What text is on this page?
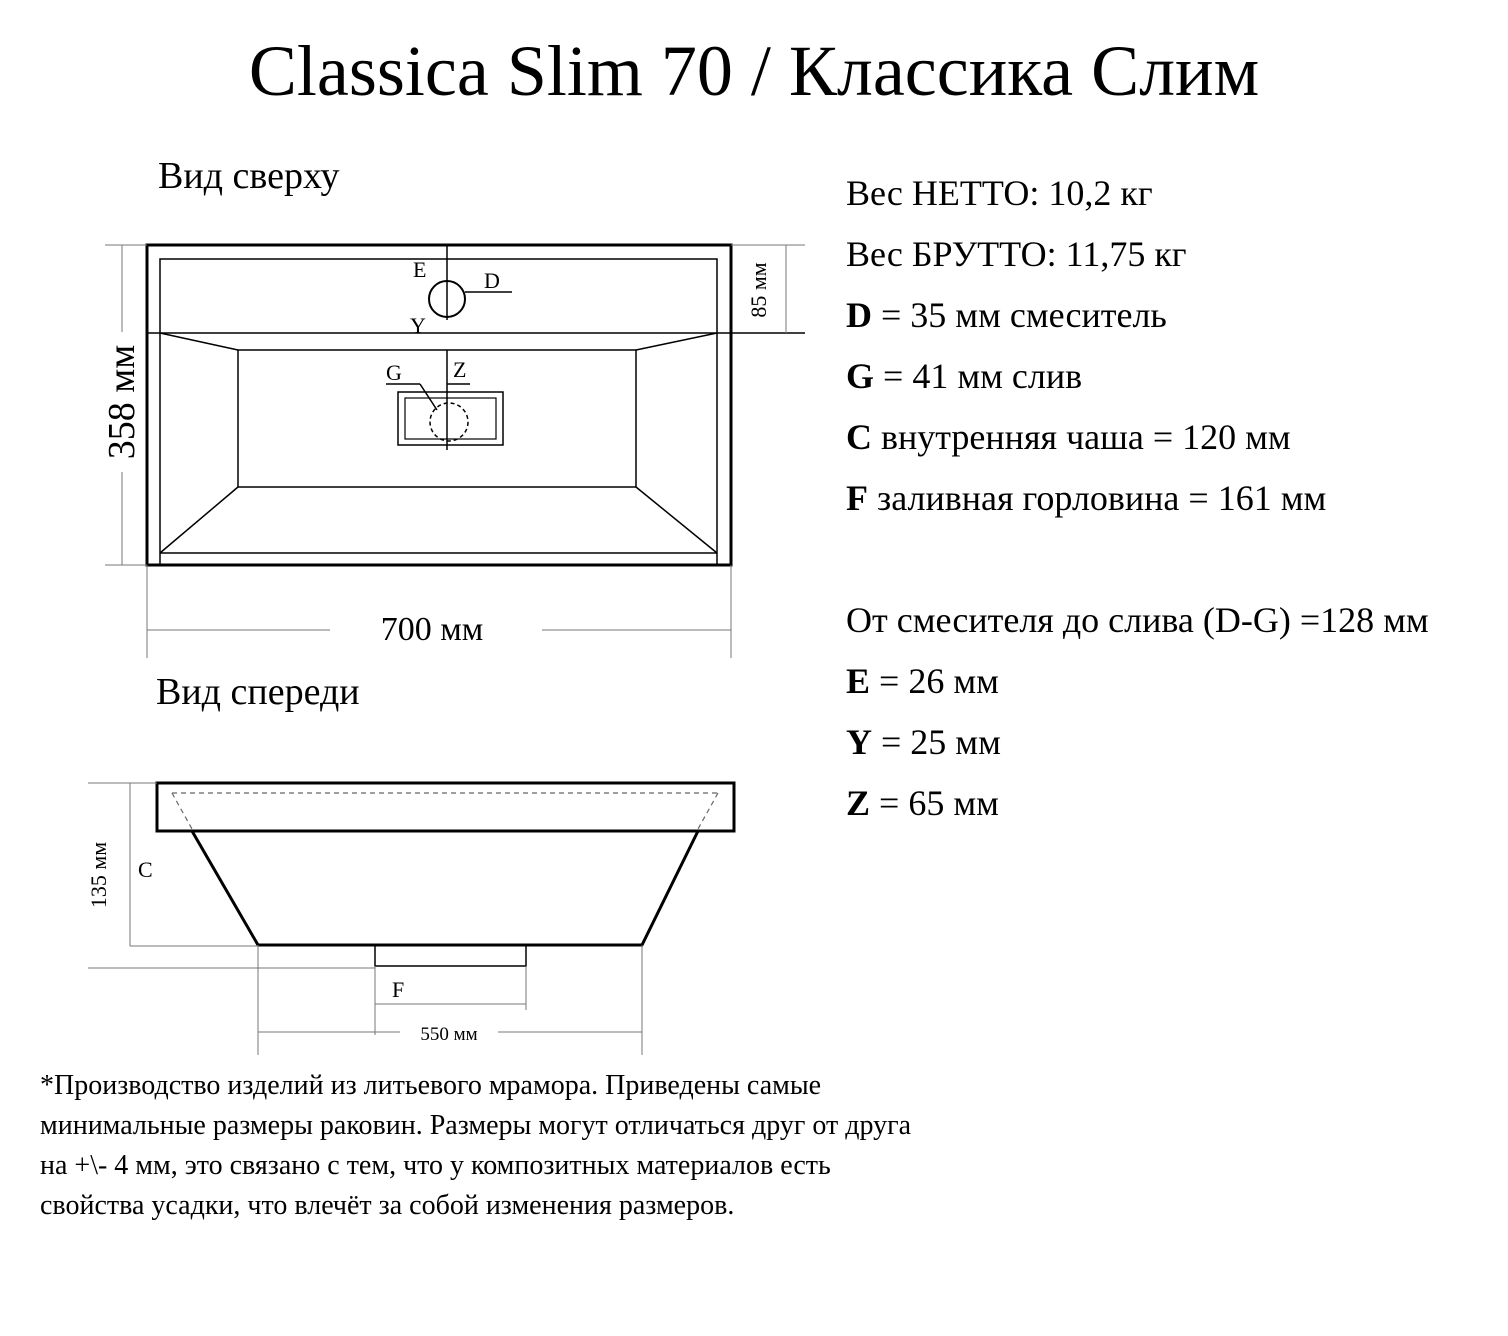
Classica Slim 70 / Классика Слим
Вид сверху
Вид спереди
E	D
Y
G Z
358 мм
85 мм
700 мм
135 мм C
F
550 мм
Вес НЕТТО: 10,2 кг
Вес БРУТТО: 11,75 кг
D = 35 мм смеситель
G = 41 мм слив
C внутренняя чаша = 120 мм
F заливная горловина = 161 мм
От смесителя до слива (D-G) =128 мм
E = 26 мм
Y = 25 мм
Z = 65 мм
*Производство изделий из литьевого мрамора. Приведены самые минимальные размеры раковин. Размеры могут отличаться друг от друга на +\- 4 мм, это связано с тем, что у композитных материалов есть свойства усадки, что влечёт за собой изменения размеров.
